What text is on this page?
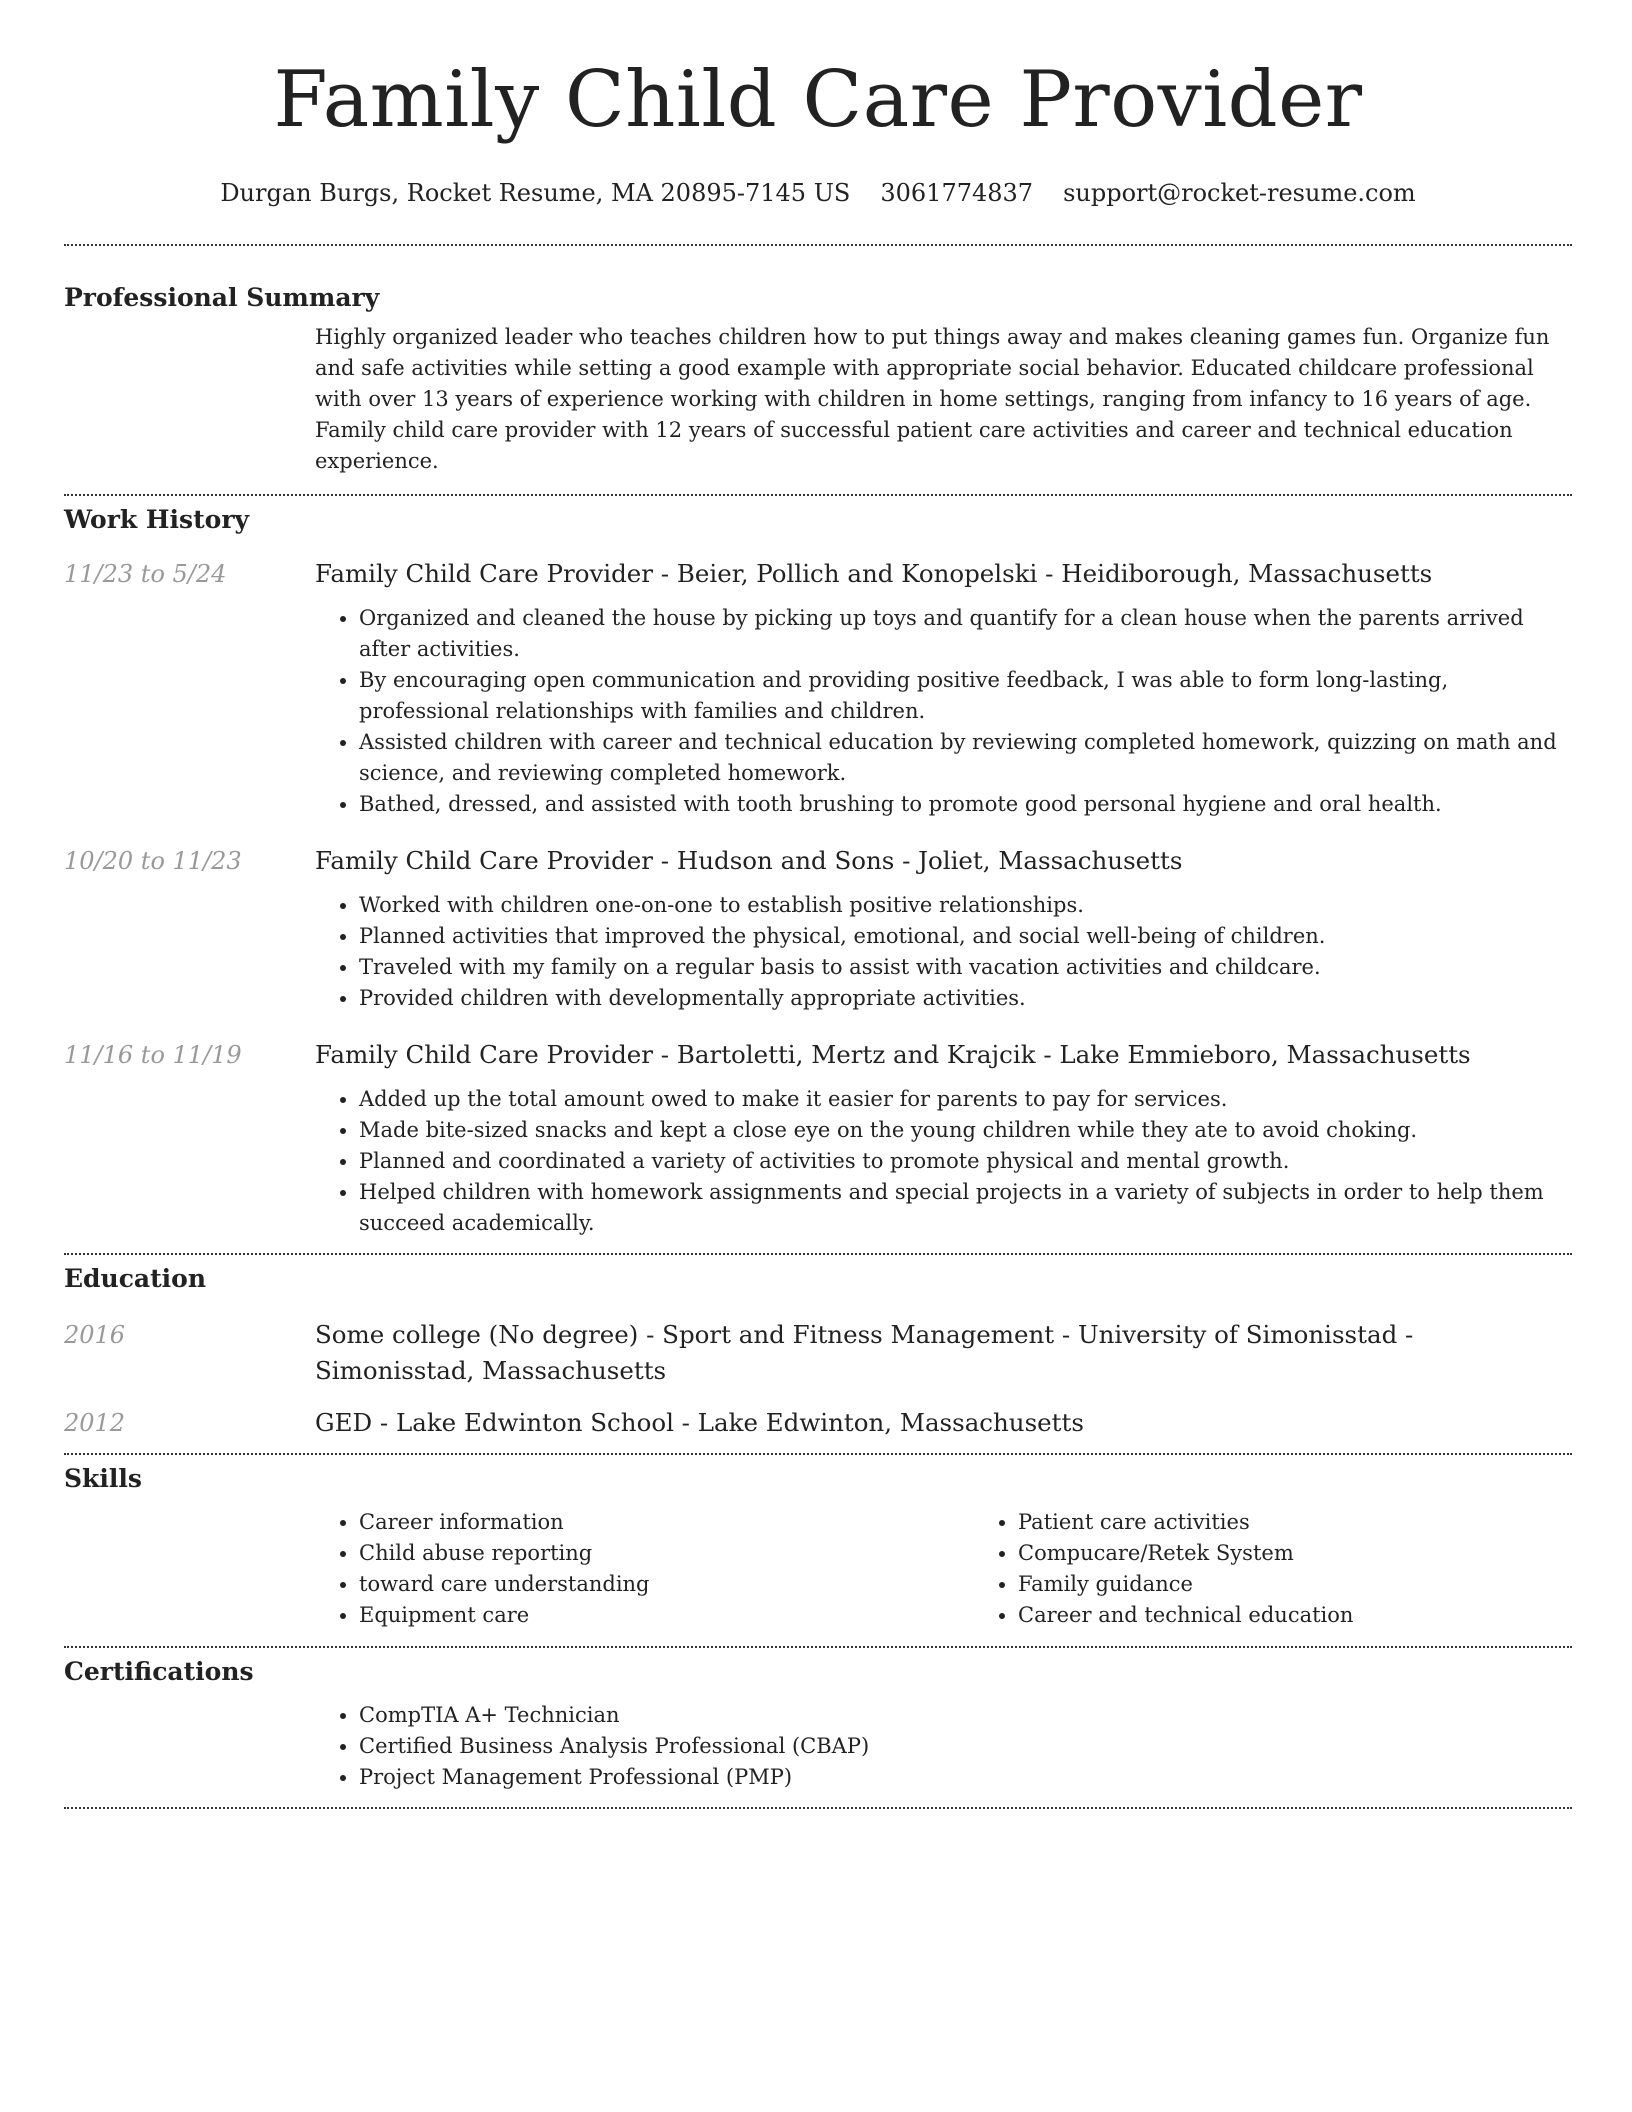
Family Child Care Provider
Durgan Burgs, Rocket Resume, MA 20895-7145 US 3061774837 support@rocket-resume.com
Professional Summary

Highly organized leader who teaches children how to put things away and makes cleaning games fun. Organize fun and safe activities while setting a good example with appropriate social behavior. Educated childcare professional with over 13 years of experience working with children in home settings, ranging from infancy to 16 years of age. Family child care provider with 12 years of successful patient care activities and career and technical education experience.

Work History
11/23 to 5/24	Family Child Care Provider - Beier, Pollich and Konopelski - Heidiborough, Massachusetts
• Organized and cleaned the house by picking up toys and quantify for a clean house when the parents arrived after activities.
• By encouraging open communication and providing positive feedback, I was able to form long-lasting, professional relationships with families and children.
• Assisted children with career and technical education by reviewing completed homework, quizzing on math and science, and reviewing completed homework.
• Bathed, dressed, and assisted with tooth brushing to promote good personal hygiene and oral health.
10/20 to 11/23	Family Child Care Provider - Hudson and Sons - Joliet, Massachusetts
• Worked with children one-on-one to establish positive relationships.
• Planned activities that improved the physical, emotional, and social well-being of children.
• Traveled with my family on a regular basis to assist with vacation activities and childcare.
• Provided children with developmentally appropriate activities.
11/16 to 11/19	Family Child Care Provider - Bartoletti, Mertz and Krajcik - Lake Emmieboro, Massachusetts
• Added up the total amount owed to make it easier for parents to pay for services.
• Made bite-sized snacks and kept a close eye on the young children while they ate to avoid choking.
• Planned and coordinated a variety of activities to promote physical and mental growth.
• Helped children with homework assignments and special projects in a variety of subjects in order to help them succeed academically.
Education
2016	Some college (No degree) - Sport and Fitness Management - University of Simonisstad - Simonisstad, Massachusetts
2012	GED - Lake Edwinton School - Lake Edwinton, Massachusetts
Skills
• Career information
• Child abuse reporting
• toward care understanding
• Equipment care
• Patient care activities
• Compucare/Retek System
• Family guidance
• Career and technical education
Certifications
• CompTIA A+ Technician
• Certified Business Analysis Professional (CBAP)
• Project Management Professional (PMP)
